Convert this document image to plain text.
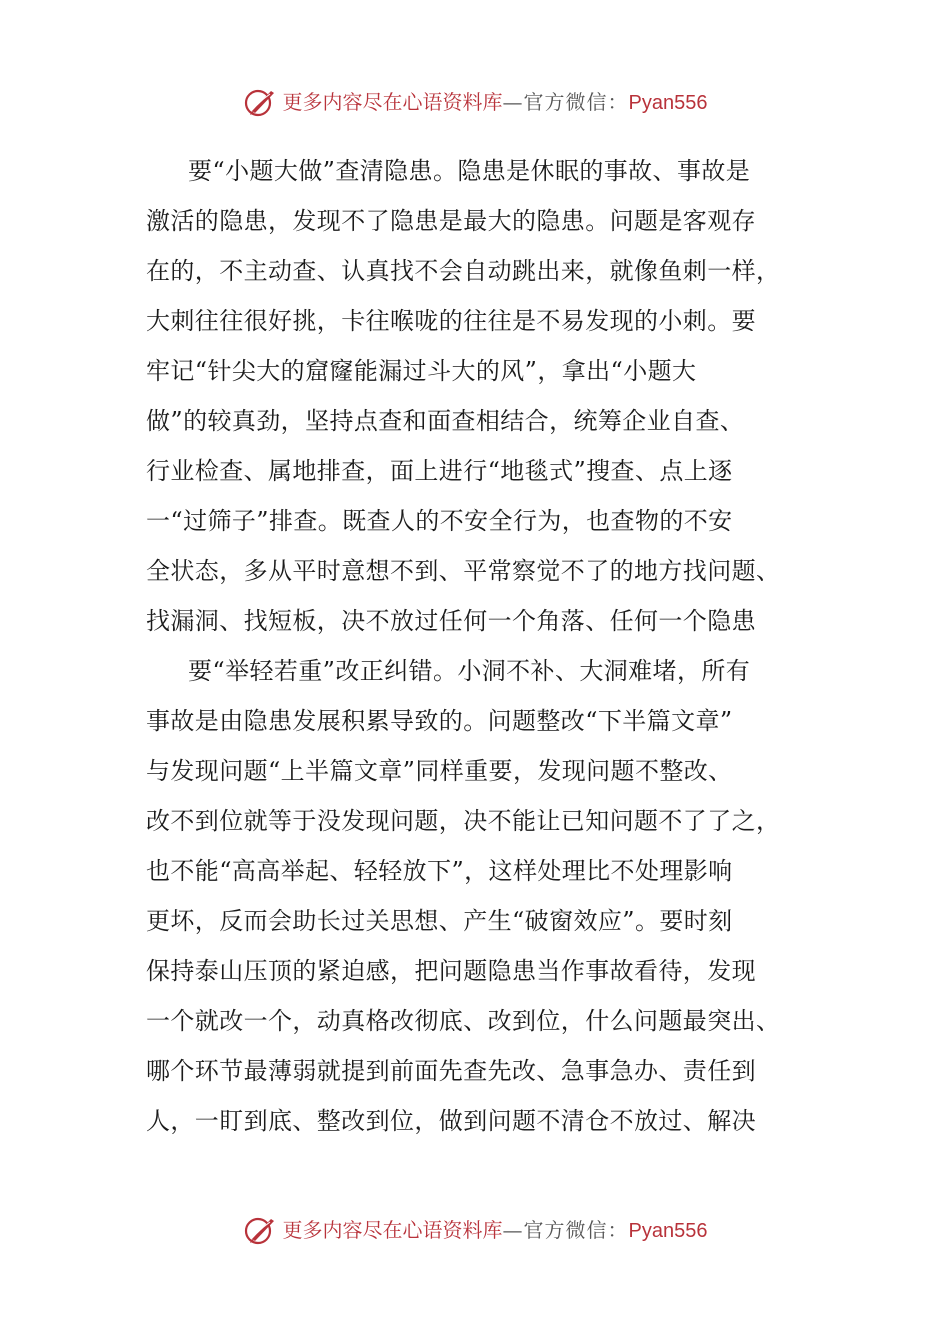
更多内容尽在心语资料库—官方微信：Pyan556

要“小题大做”查清隐患。隐患是休眠的事故、事故是
激活的隐患，发现不了隐患是最大的隐患。问题是客观存
在的，不主动查、认真找不会自动跳出来，就像鱼刺一样，
大刺往往很好挑，卡往喉咙的往往是不易发现的小刺。要
牢记“针尖大的窟窿能漏过斗大的风”，拿出“小题大
做”的较真劲，坚持点查和面查相结合，统筹企业自查、
行业检查、属地排查，面上进行“地毯式”搜查、点上逐
一“过筛子”排查。既查人的不安全行为，也查物的不安
全状态，多从平时意想不到、平常察觉不了的地方找问题、
找漏洞、找短板，决不放过任何一个角落、任何一个隐患

要“举轻若重”改正纠错。小洞不补、大洞难堵，所有
事故是由隐患发展积累导致的。问题整改“下半篇文章”
与发现问题“上半篇文章”同样重要，发现问题不整改、
改不到位就等于没发现问题，决不能让已知问题不了了之，
也不能“高高举起、轻轻放下”，这样处理比不处理影响
更坏，反而会助长过关思想、产生“破窗效应”。要时刻
保持泰山压顶的紧迫感，把问题隐患当作事故看待，发现
一个就改一个，动真格改彻底、改到位，什么问题最突出、
哪个环节最薄弱就提到前面先查先改、急事急办、责任到
人，一盯到底、整改到位，做到问题不清仓不放过、解决

更多内容尽在心语资料库—官方微信：Pyan556
